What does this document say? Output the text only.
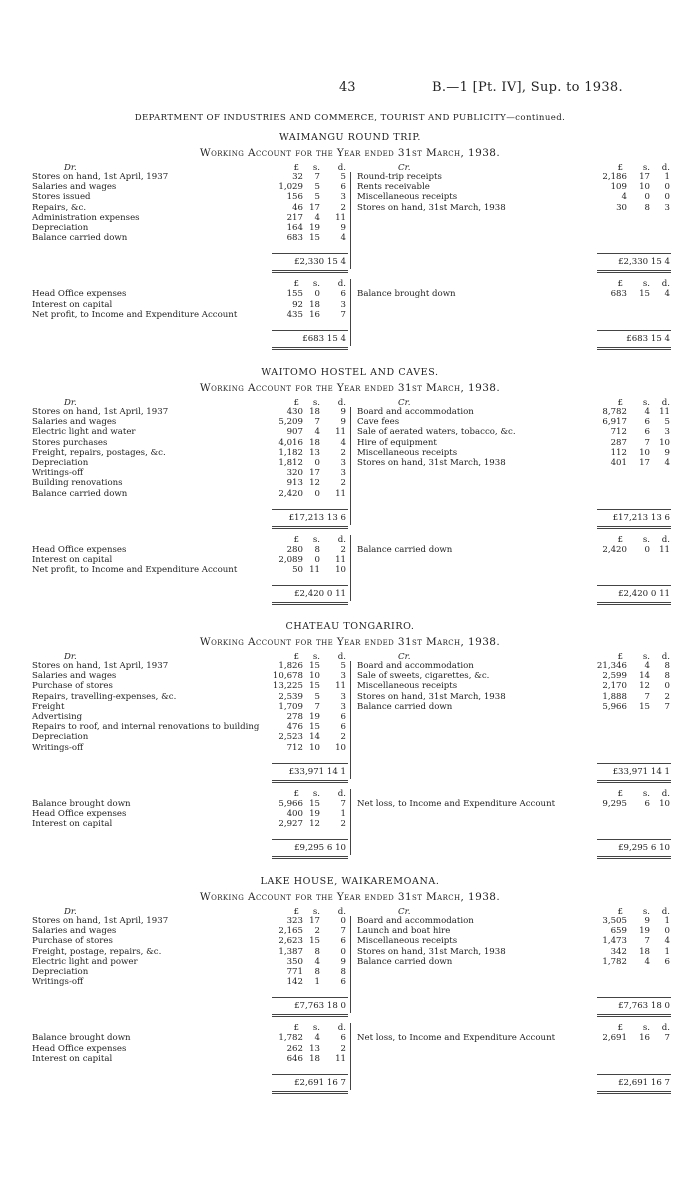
43	B.—1 [Pt. IV], Sup. to 1938.
DEPARTMENT OF INDUSTRIES AND COMMERCE, TOURIST AND PUBLICITY—continued.
WAIMANGU ROUND TRIP.
Working Account for the Year ended 31st March, 1938.
Dr.	Cr.
£ s. d.	£ s. d.
Stores on hand, 1st April, 1937	32 7 5
Salaries and wages	1,029 5 6
Stores issued	156 5 3
Repairs, &c.	46 17 2
Administration expenses	217 4 11
Depreciation	164 19 9
Balance carried down	683 15 4
Round-trip receipts	2,186 17 1
Rents receivable	109 10 0
Miscellaneous receipts	4 0 0
Stores on hand, 31st March, 1938	30 8 3
£2,330 15 4	£2,330 15 4
£ s. d.	£ s. d.
Head Office expenses	155 0 6
Interest on capital	92 18 3
Net profit, to Income and Expenditure Account	435 16 7
Balance brought down	683 15 4
£683 15 4	£683 15 4
WAITOMO HOSTEL AND CAVES.
Working Account for the Year ended 31st March, 1938.
Dr.	Cr.
£ s. d.	£ s. d.
Stores on hand, 1st April, 1937	430 18 9
Salaries and wages	5,209 7 9
Electric light and water	907 4 11
Stores purchases	4,016 18 4
Freight, repairs, postages, &c.	1,182 13 2
Depreciation	1,812 0 3
Writings-off	320 17 3
Building renovations	913 12 2
Balance carried down	2,420 0 11
Board and accommodation	8,782 4 11
Cave fees	6,917 6 5
Sale of aerated waters, tobacco, &c.	712 6 3
Hire of equipment	287 7 10
Miscellaneous receipts	112 10 9
Stores on hand, 31st March, 1938	401 17 4
£17,213 13 6	£17,213 13 6
£ s. d.	£ s. d.
Head Office expenses	280 8 2
Interest on capital	2,089 0 11
Net profit, to Income and Expenditure Account	50 11 10
Balance carried down	2,420 0 11
£2,420 0 11	£2,420 0 11
CHATEAU TONGARIRO.
Working Account for the Year ended 31st March, 1938.
Dr.	Cr.
£ s. d.	£ s. d.
Stores on hand, 1st April, 1937	1,826 15 5
Salaries and wages	10,678 10 3
Purchase of stores	13,225 15 11
Repairs, travelling-expenses, &c.	2,539 5 3
Freight	1,709 7 3
Advertising	278 19 6
Repairs to roof, and internal renovations to building	476 15 6
Depreciation	2,523 14 2
Writings-off	712 10 10
Board and accommodation	21,346 4 8
Sale of sweets, cigarettes, &c.	2,599 14 8
Miscellaneous receipts	2,170 12 0
Stores on hand, 31st March, 1938	1,888 7 2
Balance carried down	5,966 15 7
£33,971 14 1	£33,971 14 1
£ s. d.	£ s. d.
Balance brought down	5,966 15 7
Head Office expenses	400 19 1
Interest on capital	2,927 12 2
Net loss, to Income and Expenditure Account	9,295 6 10
£9,295 6 10	£9,295 6 10
LAKE HOUSE, WAIKAREMOANA.
Working Account for the Year ended 31st March, 1938.
Dr.	Cr.
£ s. d.	£ s. d.
Stores on hand, 1st April, 1937	323 17 0
Salaries and wages	2,165 2 7
Purchase of stores	2,623 15 6
Freight, postage, repairs, &c.	1,387 8 0
Electric light and power	350 4 9
Depreciation	771 8 8
Writings-off	142 1 6
Board and accommodation	3,505 9 1
Launch and boat hire	659 19 0
Miscellaneous receipts	1,473 7 4
Stores on hand, 31st March, 1938	342 18 1
Balance carried down	1,782 4 6
£7,763 18 0	£7,763 18 0
£ s. d.	£ s. d.
Balance brought down	1,782 4 6
Head Office expenses	262 13 2
Interest on capital	646 18 11
Net loss, to Income and Expenditure Account	2,691 16 7
£2,691 16 7	£2,691 16 7
